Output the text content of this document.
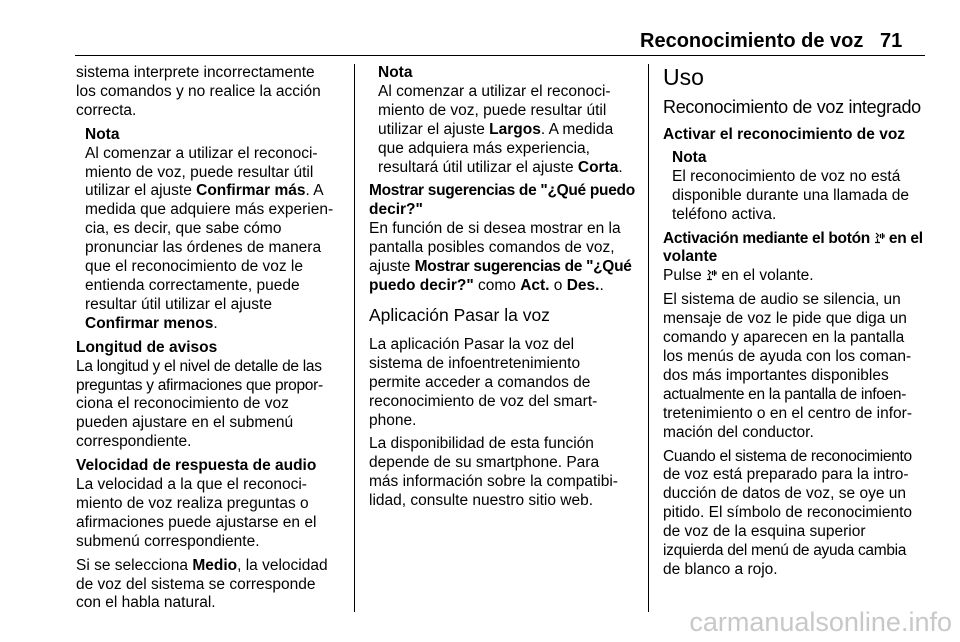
Reconocimiento de voz 71
sistema interprete incorrectamente
los comandos y no realice la acción
correcta.
Nota
Al comenzar a utilizar el reconoci-
miento de voz, puede resultar útil
utilizar el ajuste Confirmar más. A
medida que adquiere más experien-
cia, es decir, que sabe cómo
pronunciar las órdenes de manera
que el reconocimiento de voz le
entienda correctamente, puede
resultar útil utilizar el ajuste
Confirmar menos.
Longitud de avisos
La longitud y el nivel de detalle de las
preguntas y afirmaciones que propor-
ciona el reconocimiento de voz
pueden ajustare en el submenú
correspondiente.
Velocidad de respuesta de audio
La velocidad a la que el reconoci-
miento de voz realiza preguntas o
afirmaciones puede ajustarse en el
submenú correspondiente.
Si se selecciona Medio, la velocidad
de voz del sistema se corresponde
con el habla natural.
Nota
Al comenzar a utilizar el reconoci-
miento de voz, puede resultar útil
utilizar el ajuste Largos. A medida
que adquiera más experiencia,
resultará útil utilizar el ajuste Corta.
Mostrar sugerencias de "¿Qué puedo
decir?"
En función de si desea mostrar en la
pantalla posibles comandos de voz,
ajuste Mostrar sugerencias de "¿Qué
puedo decir?" como Act. o Des..
Aplicación Pasar la voz
La aplicación Pasar la voz del
sistema de infoentretenimiento
permite acceder a comandos de
reconocimiento de voz del smart-
phone.
La disponibilidad de esta función
depende de su smartphone. Para
más información sobre la compatibi-
lidad, consulte nuestro sitio web.
Uso
Reconocimiento de voz integrado
Activar el reconocimiento de voz
Nota
El reconocimiento de voz no está
disponible durante una llamada de
teléfono activa.
Activación mediante el botón  en el
volante
Pulse  en el volante.
El sistema de audio se silencia, un
mensaje de voz le pide que diga un
comando y aparecen en la pantalla
los menús de ayuda con los coman-
dos más importantes disponibles
actualmente en la pantalla de infoen-
tretenimiento o en el centro de infor-
mación del conductor.
Cuando el sistema de reconocimiento
de voz está preparado para la intro-
ducción de datos de voz, se oye un
pitido. El símbolo de reconocimiento
de voz de la esquina superior
izquierda del menú de ayuda cambia
de blanco a rojo.
carmanualsonline.info
